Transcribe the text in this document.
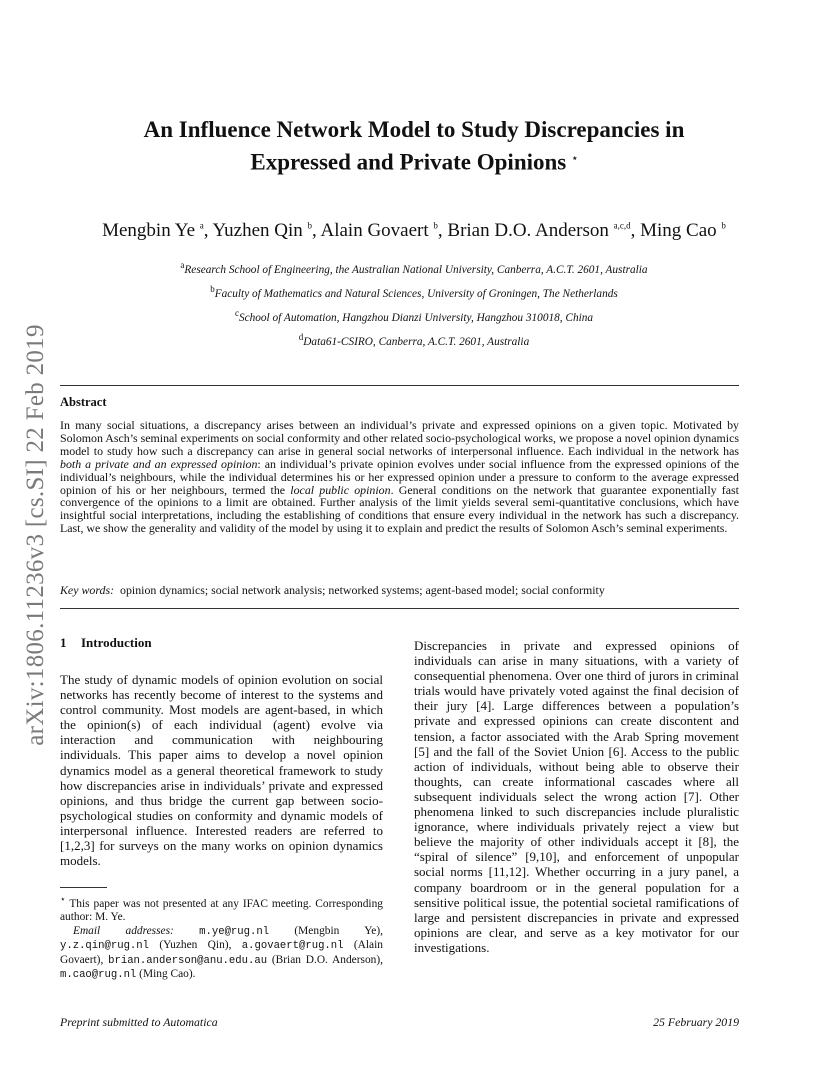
arXiv:1806.11236v3 [cs.SI] 22 Feb 2019
An Influence Network Model to Study Discrepancies in
Expressed and Private Opinions ⋆
Mengbin Ye $^a$, Yuzhen Qin $^b$, Alain Govaert $^b$, Brian D.O. Anderson $^{a,c,d}$, Ming Cao $^b$
$^a$Research School of Engineering, the Australian National University, Canberra, A.C.T. 2601, Australia
$^b$Faculty of Mathematics and Natural Sciences, University of Groningen, The Netherlands
$^c$School of Automation, Hangzhou Dianzi University, Hangzhou 310018, China
$^d$Data61-CSIRO, Canberra, A.C.T. 2601, Australia
Abstract
In many social situations, a discrepancy arises between an individual’s private and expressed opinions on a given topic. Motivated by Solomon Asch’s seminal experiments on social conformity and other related socio-psychological works, we propose a novel opinion dynamics model to study how such a discrepancy can arise in general social networks of interpersonal influence. Each individual in the network has both a private and an expressed opinion: an individual’s private opinion evolves under social influence from the expressed opinions of the individual’s neighbours, while the individual determines his or her expressed opinion under a pressure to conform to the average expressed opinion of his or her neighbours, termed the local public opinion. General conditions on the network that guarantee exponentially fast convergence of the opinions to a limit are obtained. Further analysis of the limit yields several semi-quantitative conclusions, which have insightful social interpretations, including the establishing of conditions that ensure every individual in the network has such a discrepancy. Last, we show the generality and validity of the model by using it to explain and predict the results of Solomon Asch’s seminal experiments.
Key words: opinion dynamics; social network analysis; networked systems; agent-based model; social conformity
1 Introduction
The study of dynamic models of opinion evolution on social networks has recently become of interest to the systems and control community. Most models are agent-based, in which the opinion(s) of each individual (agent) evolve via interaction and communication with neighbouring individuals. This paper aims to develop a novel opinion dynamics model as a general theoretical framework to study how discrepancies arise in individuals’ private and expressed opinions, and thus bridge the current gap between socio-psychological studies on conformity and dynamic models of interpersonal influence. Interested readers are referred to [1,2,3] for surveys on the many works on opinion dynamics models.
Discrepancies in private and expressed opinions of individuals can arise in many situations, with a variety of consequential phenomena. Over one third of jurors in criminal trials would have privately voted against the final decision of their jury [4]. Large differences between a population’s private and expressed opinions can create discontent and tension, a factor associated with the Arab Spring movement [5] and the fall of the Soviet Union [6]. Access to the public action of individuals, without being able to observe their thoughts, can create informational cascades where all subsequent individuals select the wrong action [7]. Other phenomena linked to such discrepancies include pluralistic ignorance, where individuals privately reject a view but believe the majority of other individuals accept it [8], the “spiral of silence” [9,10], and enforcement of unpopular social norms [11,12]. Whether occurring in a jury panel, a company boardroom or in the general population for a sensitive political issue, the potential societal ramifications of large and persistent discrepancies in private and expressed opinions are clear, and serve as a key motivator for our investigations.

⋆ This paper was not presented at any IFAC meeting. Corresponding author: M. Ye.

Email addresses: m.ye@rug.nl (Mengbin Ye), y.z.qin@rug.nl (Yuzhen Qin), a.govaert@rug.nl (Alain Govaert), brian.anderson@anu.edu.au (Brian D.O. Anderson), m.cao@rug.nl (Ming Cao).

Preprint submitted to Automatica	25 February 2019
